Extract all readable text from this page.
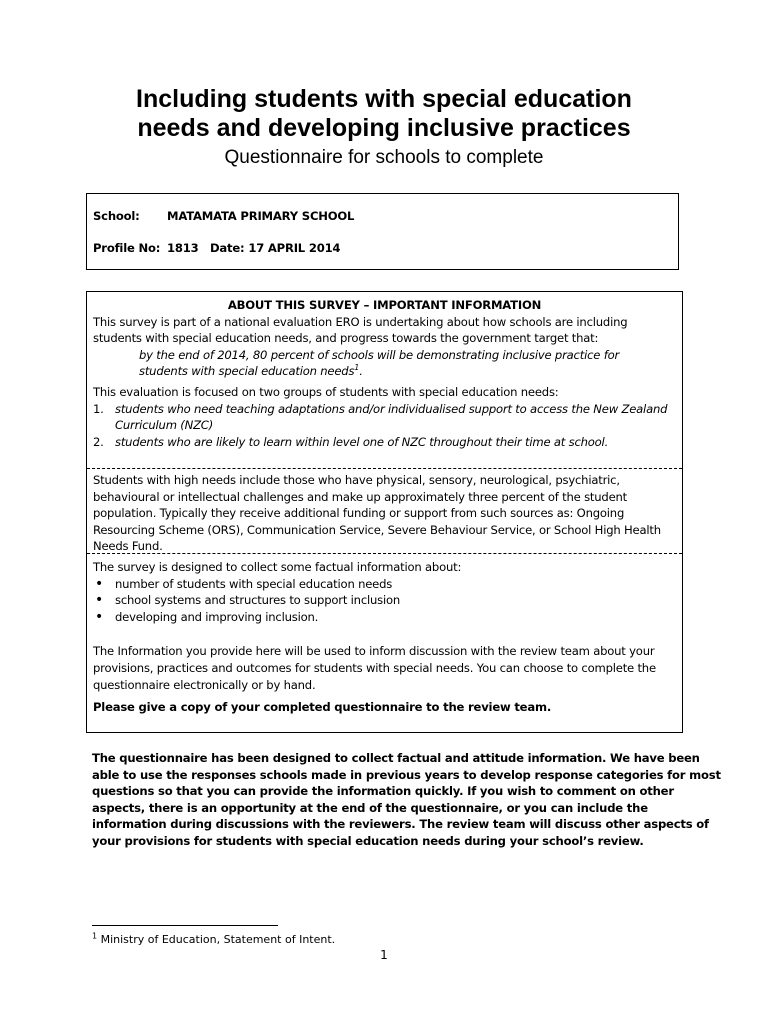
Including students with special education
needs and developing inclusive practices
Questionnaire for schools to complete
School: MATAMATA PRIMARY SCHOOL
Profile No: 1813 Date: 17 APRIL 2014
ABOUT THIS SURVEY – IMPORTANT INFORMATION
This survey is part of a national evaluation ERO is undertaking about how schools are including students with special education needs, and progress towards the government target that:
by the end of 2014, 80 percent of schools will be demonstrating inclusive practice for students with special education needs$^1$.
This evaluation is focused on two groups of students with special education needs:
1. students who need teaching adaptations and/or individualised support to access the New Zealand Curriculum (NZC)
2. students who are likely to learn within level one of NZC throughout their time at school.
Students with high needs include those who have physical, sensory, neurological, psychiatric, behavioural or intellectual challenges and make up approximately three percent of the student population. Typically they receive additional funding or support from such sources as: Ongoing Resourcing Scheme (ORS), Communication Service, Severe Behaviour Service, or School High Health Needs Fund.
The survey is designed to collect some factual information about:
• number of students with special education needs
• school systems and structures to support inclusion
• developing and improving inclusion.
The Information you provide here will be used to inform discussion with the review team about your provisions, practices and outcomes for students with special needs. You can choose to complete the questionnaire electronically or by hand.
Please give a copy of your completed questionnaire to the review team.
The questionnaire has been designed to collect factual and attitude information. We have been able to use the responses schools made in previous years to develop response categories for most questions so that you can provide the information quickly. If you wish to comment on other aspects, there is an opportunity at the end of the questionnaire, or you can include the information during discussions with the reviewers. The review team will discuss other aspects of your provisions for students with special education needs during your school’s review.
$^1$ Ministry of Education, Statement of Intent.
1
